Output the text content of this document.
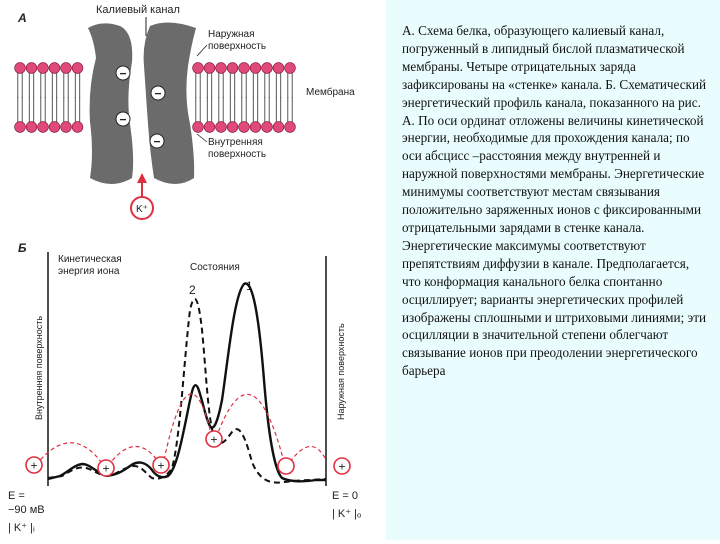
А
Калиевый канал
−
−
−
−
Наружная
поверхность
Мембрана
Внутренняя
поверхность
K⁺
Б
Кинетическая
энергия иона	Состояния
2	1
Внутренняя поверхность	Наружная поверхность
+	+	+
+
+
E =
−90 мВ
| K⁺ |ᵢ
E = 0
| K⁺ |ₒ

А. Схема белка, образующего калиевый канал, погруженный в липидный бислой плазматической мембраны. Четыре отрицательных заряда зафиксированы на «стенке» канала. Б. Схематический энергетический профиль канала, показанного на рис. А. По оси ординат отложены величины кинетической энергии, необходимые для прохождения канала; по оси абсцисс –расстояния между внутренней и наружной поверхностями мембраны. Энергетические минимумы соответствуют местам связывания положительно заряженных ионов с фиксированными отрицательными зарядами в стенке канала. Энергетические максимумы соответствуют препятствиям диффузии в канале. Предполагается, что конформация канального белка спонтанно осциллирует; варианты энергетических профилей изображены сплошными и штриховыми линиями; эти осцилляции в значительной степени облегчают связывание ионов при преодолении энергетического барьера
